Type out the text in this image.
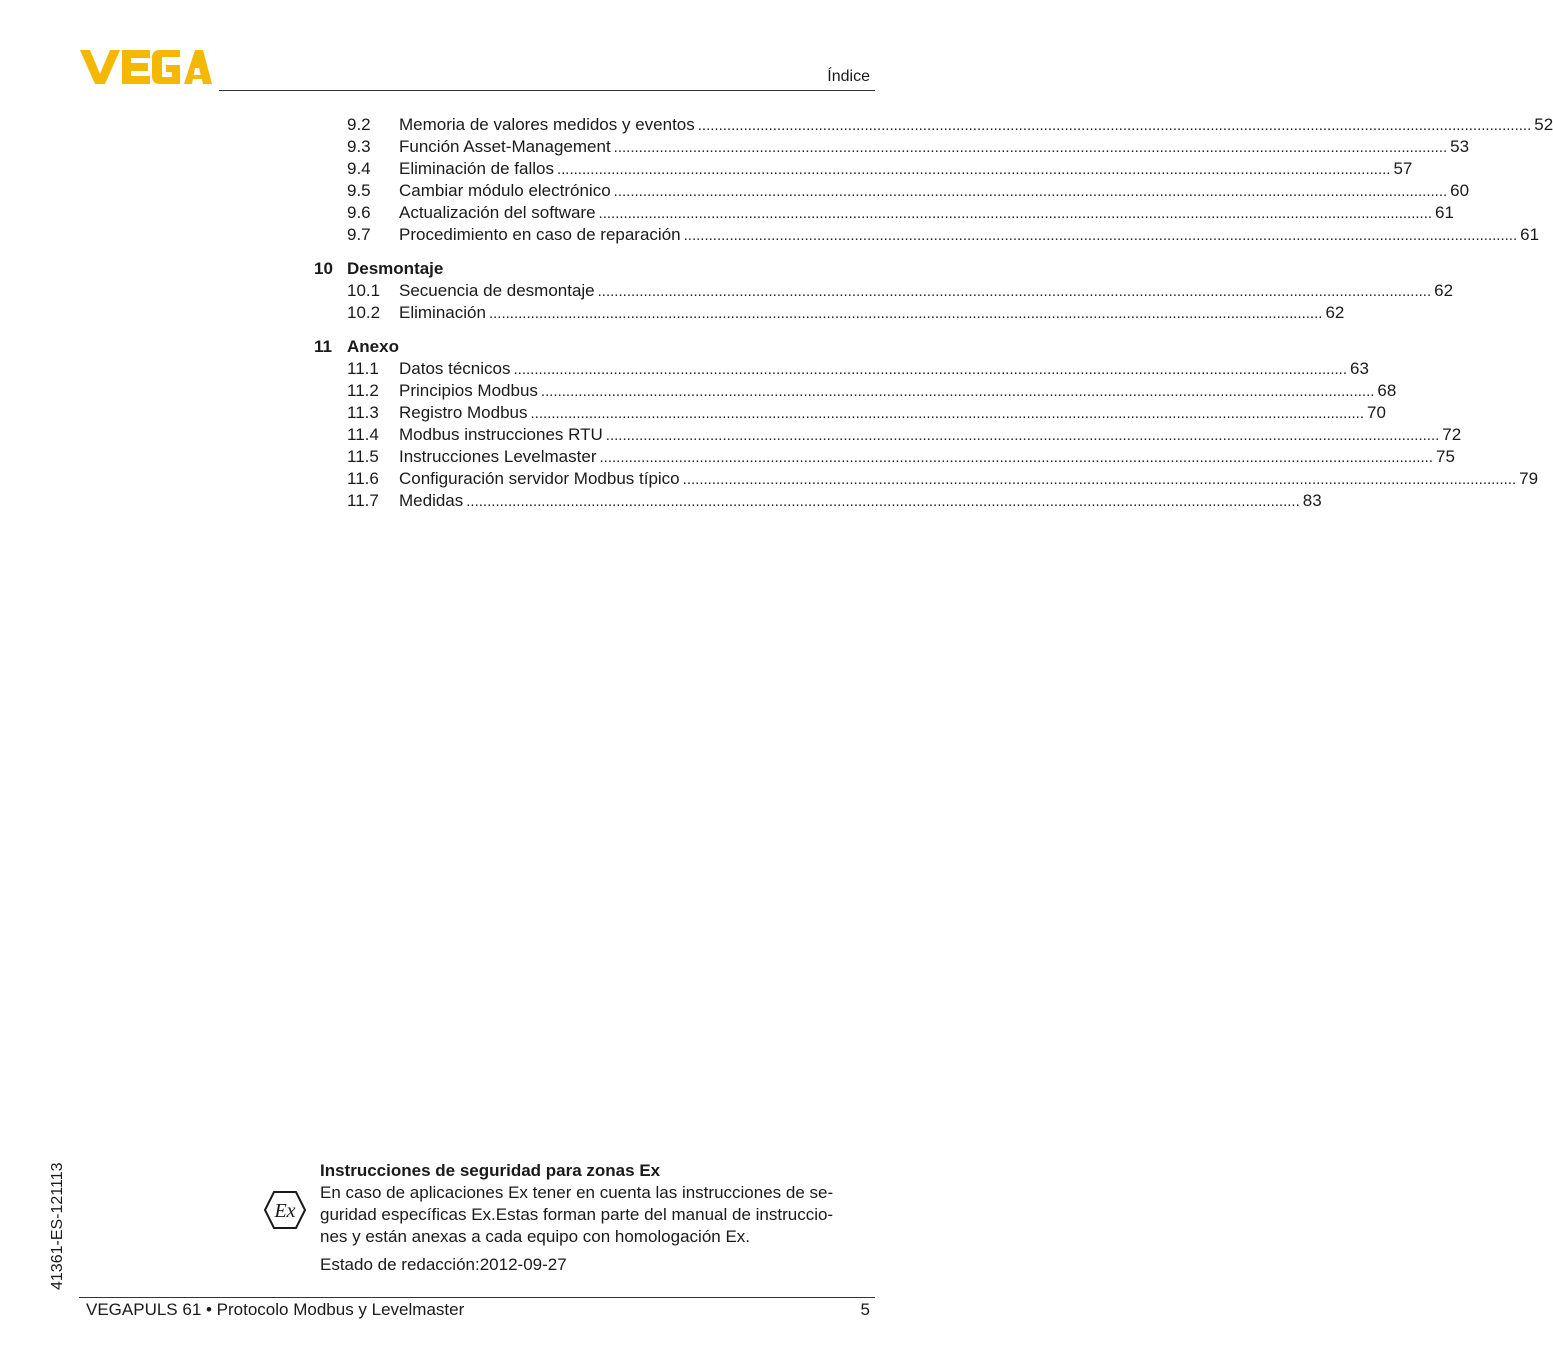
Índice
9.2	Memoria de valores medidos y eventos ........................................................................................................................................................................................................ 52
9.3	Función Asset-Management ........................................................................................................................................................................................................ 53
9.4	Eliminación de fallos ........................................................................................................................................................................................................ 57
9.5	Cambiar módulo electrónico ........................................................................................................................................................................................................ 60
9.6	Actualización del software ........................................................................................................................................................................................................ 61
9.7	Procedimiento en caso de reparación ........................................................................................................................................................................................................ 61
10 Desmontaje
10.1	Secuencia de desmontaje ........................................................................................................................................................................................................ 62
10.2	Eliminación ........................................................................................................................................................................................................ 62
11 Anexo
11.1	Datos técnicos ........................................................................................................................................................................................................ 63
11.2	Principios Modbus ........................................................................................................................................................................................................ 68
11.3	Registro Modbus ........................................................................................................................................................................................................ 70
11.4	Modbus instrucciones RTU ........................................................................................................................................................................................................ 72
11.5	Instrucciones Levelmaster ........................................................................................................................................................................................................ 75
11.6	Configuración servidor Modbus típico ........................................................................................................................................................................................................ 79
11.7	Medidas ........................................................................................................................................................................................................ 83
Ex
Instrucciones de seguridad para zonas Ex
En caso de aplicaciones Ex tener en cuenta las instrucciones de se-
guridad específicas Ex.Estas forman parte del manual de instruccio-
nes y están anexas a cada equipo con homologación Ex.
Estado de redacción:2012-09-27
41361-ES-121113
VEGAPULS 61 • Protocolo Modbus y Levelmaster	5
